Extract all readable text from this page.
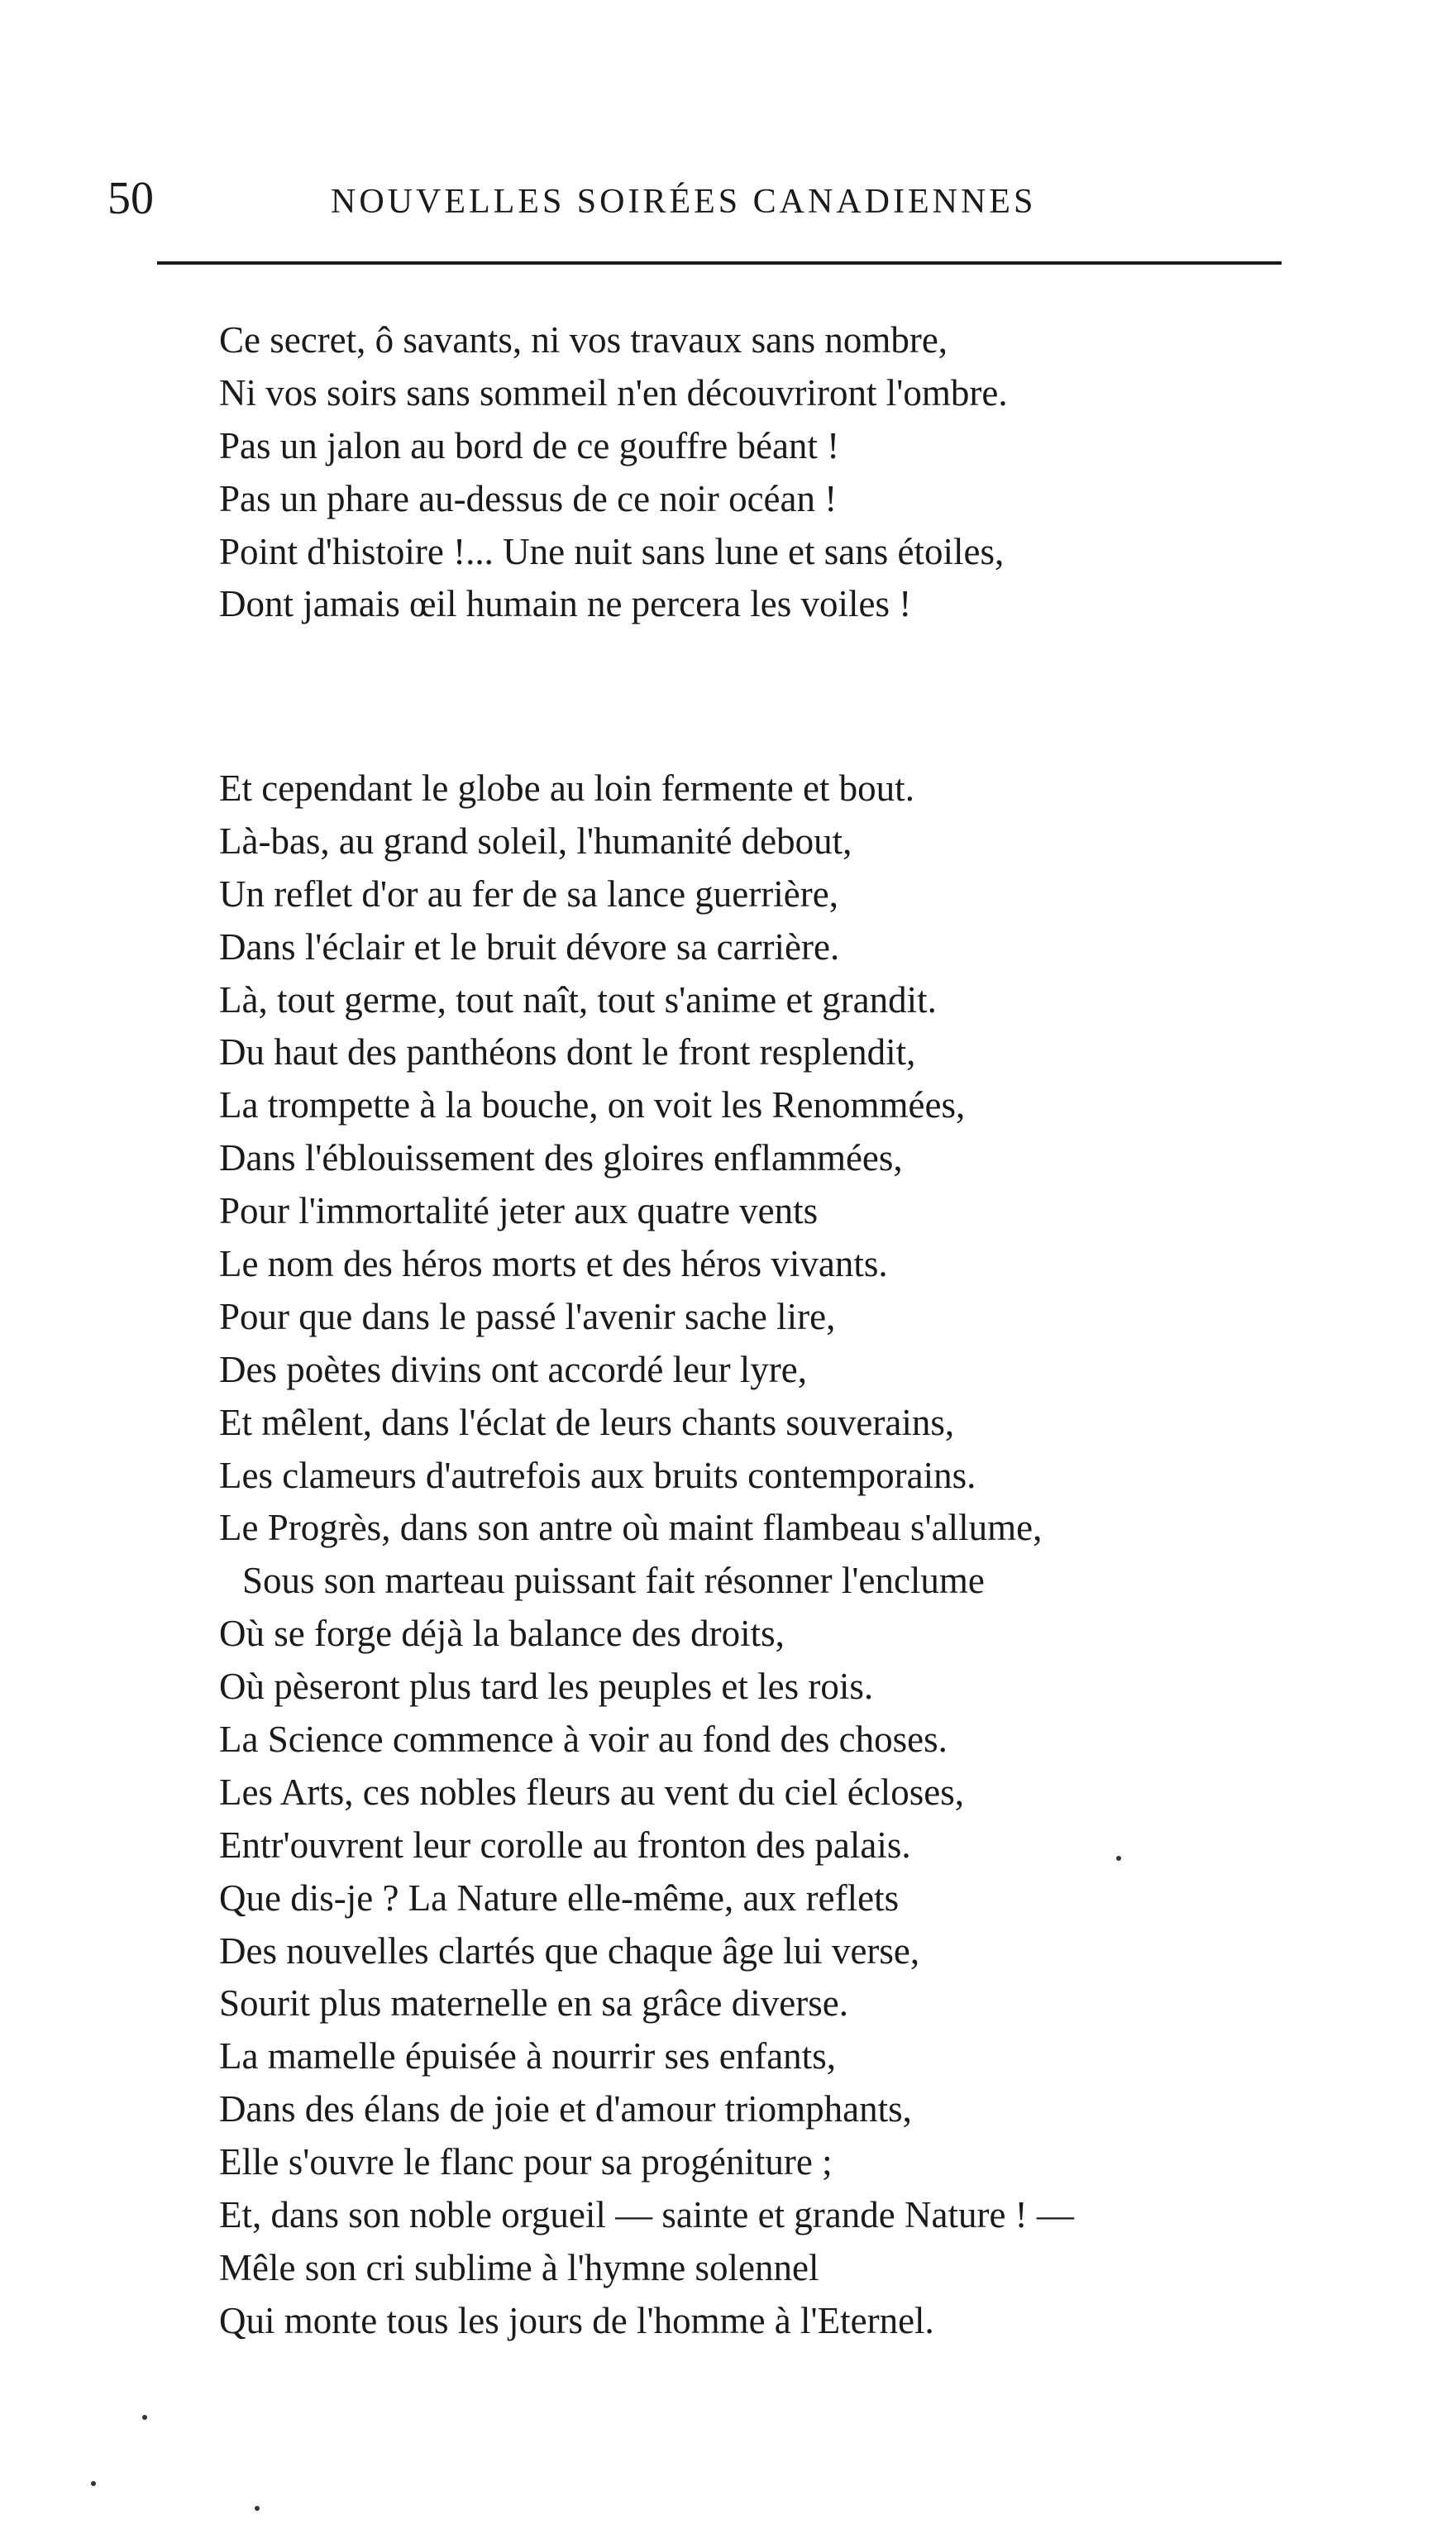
50	NOUVELLES SOIRÉES CANADIENNES
Ce secret, ô savants, ni vos travaux sans nombre,
Ni vos soirs sans sommeil n'en découvriront l'ombre.
Pas un jalon au bord de ce gouffre béant !
Pas un phare au-dessus de ce noir océan !
Point d'histoire !... Une nuit sans lune et sans étoiles,
Dont jamais œil humain ne percera les voiles !
Et cependant le globe au loin fermente et bout.
Là-bas, au grand soleil, l'humanité debout,
Un reflet d'or au fer de sa lance guerrière,
Dans l'éclair et le bruit dévore sa carrière.
Là, tout germe, tout naît, tout s'anime et grandit.
Du haut des panthéons dont le front resplendit,
La trompette à la bouche, on voit les Renommées,
Dans l'éblouissement des gloires enflammées,
Pour l'immortalité jeter aux quatre vents
Le nom des héros morts et des héros vivants.
Pour que dans le passé l'avenir sache lire,
Des poètes divins ont accordé leur lyre,
Et mêlent, dans l'éclat de leurs chants souverains,
Les clameurs d'autrefois aux bruits contemporains.
Le Progrès, dans son antre où maint flambeau s'allume,
Sous son marteau puissant fait résonner l'enclume
Où se forge déjà la balance des droits,
Où pèseront plus tard les peuples et les rois.
La Science commence à voir au fond des choses.
Les Arts, ces nobles fleurs au vent du ciel écloses,
Entr'ouvrent leur corolle au fronton des palais.
Que dis-je ? La Nature elle-même, aux reflets
Des nouvelles clartés que chaque âge lui verse,
Sourit plus maternelle en sa grâce diverse.
La mamelle épuisée à nourrir ses enfants,
Dans des élans de joie et d'amour triomphants,
Elle s'ouvre le flanc pour sa progéniture ;
Et, dans son noble orgueil — sainte et grande Nature ! —
Mêle son cri sublime à l'hymne solennel
Qui monte tous les jours de l'homme à l'Eternel.
